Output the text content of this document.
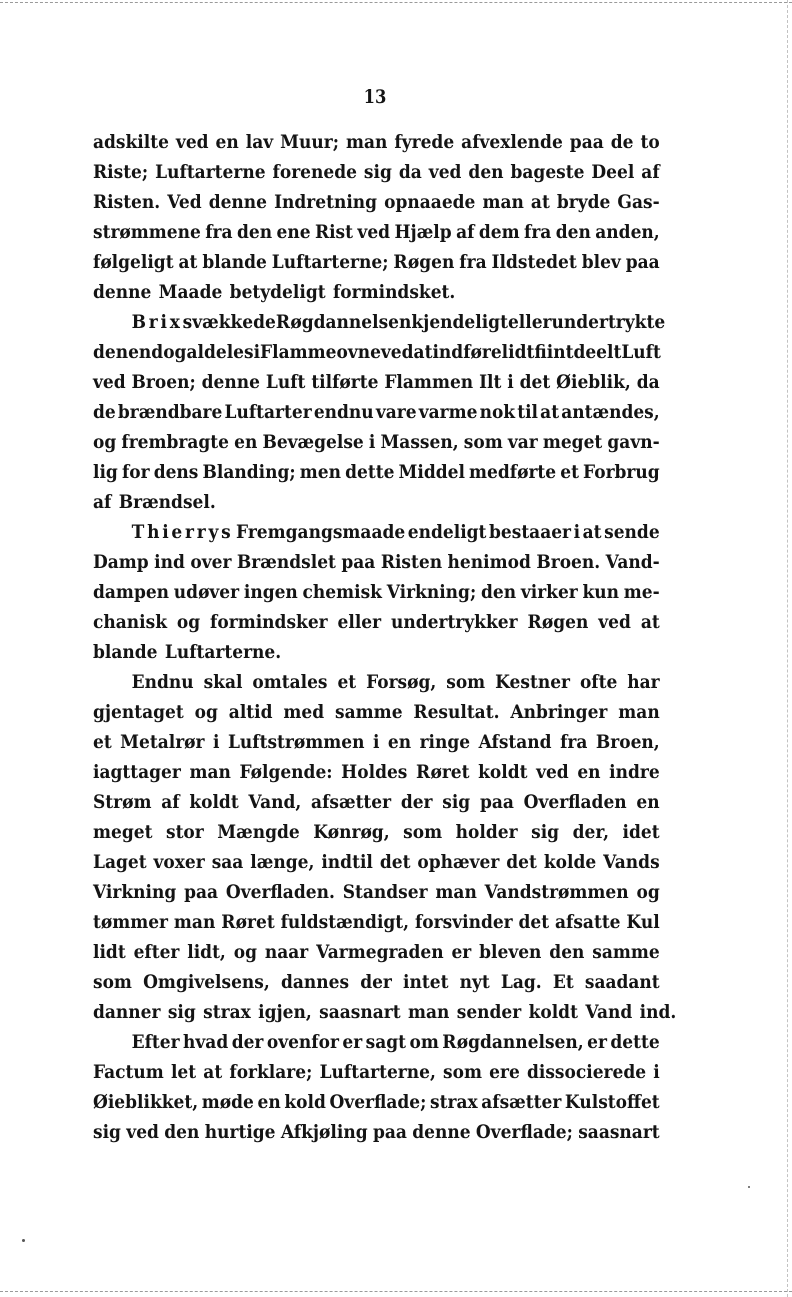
13
adskilte ved en lav Muur; man fyrede afvexlende paa de to
Riste; Luftarterne forenede sig da ved den bageste Deel af
Risten. Ved denne Indretning opnaaede man at bryde Gas-
strømmene fra den ene Rist ved Hjælp af dem fra den anden,
følgeligt at blande Luftarterne; Røgen fra Ildstedet blev paa
denne Maade betydeligt formindsket.
Brix svækkede Røgdannelsen kjendeligt eller undertrykte
den endog aldeles i Flammeovne ved at indføre lidt fiintdeelt Luft
ved Broen; denne Luft tilførte Flammen Ilt i det Øieblik, da
de brændbare Luftarter endnu vare varme nok til at antændes,
og frembragte en Bevægelse i Massen, som var meget gavn-
lig for dens Blanding; men dette Middel medførte et Forbrug
af Brændsel.
Thierrys Fremgangsmaade endeligt bestaaer i at sende
Damp ind over Brændslet paa Risten henimod Broen. Vand-
dampen udøver ingen chemisk Virkning; den virker kun me-
chanisk og formindsker eller undertrykker Røgen ved at
blande Luftarterne.
Endnu skal omtales et Forsøg, som Kestner ofte har
gjentaget og altid med samme Resultat. Anbringer man
et Metalrør i Luftstrømmen i en ringe Afstand fra Broen,
iagttager man Følgende: Holdes Røret koldt ved en indre
Strøm af koldt Vand, afsætter der sig paa Overfladen en
meget stor Mængde Kønrøg, som holder sig der, idet
Laget voxer saa længe, indtil det ophæver det kolde Vands
Virkning paa Overfladen. Standser man Vandstrømmen og
tømmer man Røret fuldstændigt, forsvinder det afsatte Kul
lidt efter lidt, og naar Varmegraden er bleven den samme
som Omgivelsens, dannes der intet nyt Lag. Et saadant
danner sig strax igjen, saasnart man sender koldt Vand ind.
Efter hvad der ovenfor er sagt om Røgdannelsen, er dette
Factum let at forklare; Luftarterne, som ere dissocierede i
Øieblikket, møde en kold Overflade; strax afsætter Kulstoffet
sig ved den hurtige Afkjøling paa denne Overflade; saasnart
